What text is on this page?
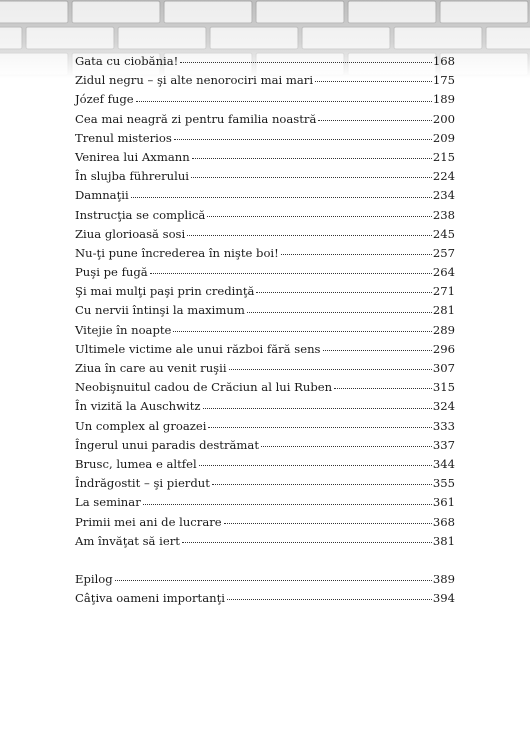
Gata cu ciobănia!	168
Zidul negru – şi alte nenorociri mai mari	175
Józef fuge	189
Cea mai neagră zi pentru familia noastră	200
Trenul misterios	209
Venirea lui Axmann	215
În slujba führerului	224
Damnaţii	234
Instrucţia se complică	238
Ziua glorioasă sosi	245
Nu-ţi pune încrederea în nişte boi!	257
Puşi pe fugă	264
Şi mai mulţi paşi prin credinţă	271
Cu nervii întinşi la maximum	281
Vitejie în noapte	289
Ultimele victime ale unui război fără sens	296
Ziua în care au venit ruşii	307
Neobişnuitul cadou de Crăciun al lui Ruben	315
În vizită la Auschwitz	324
Un complex al groazei	333
Îngerul unui paradis destrămat	337
Brusc, lumea e altfel	344
Îndrăgostit – şi pierdut	355
La seminar	361
Primii mei ani de lucrare	368
Am învăţat să iert	381
Epilog	389
Câţiva oameni importanţi	394
